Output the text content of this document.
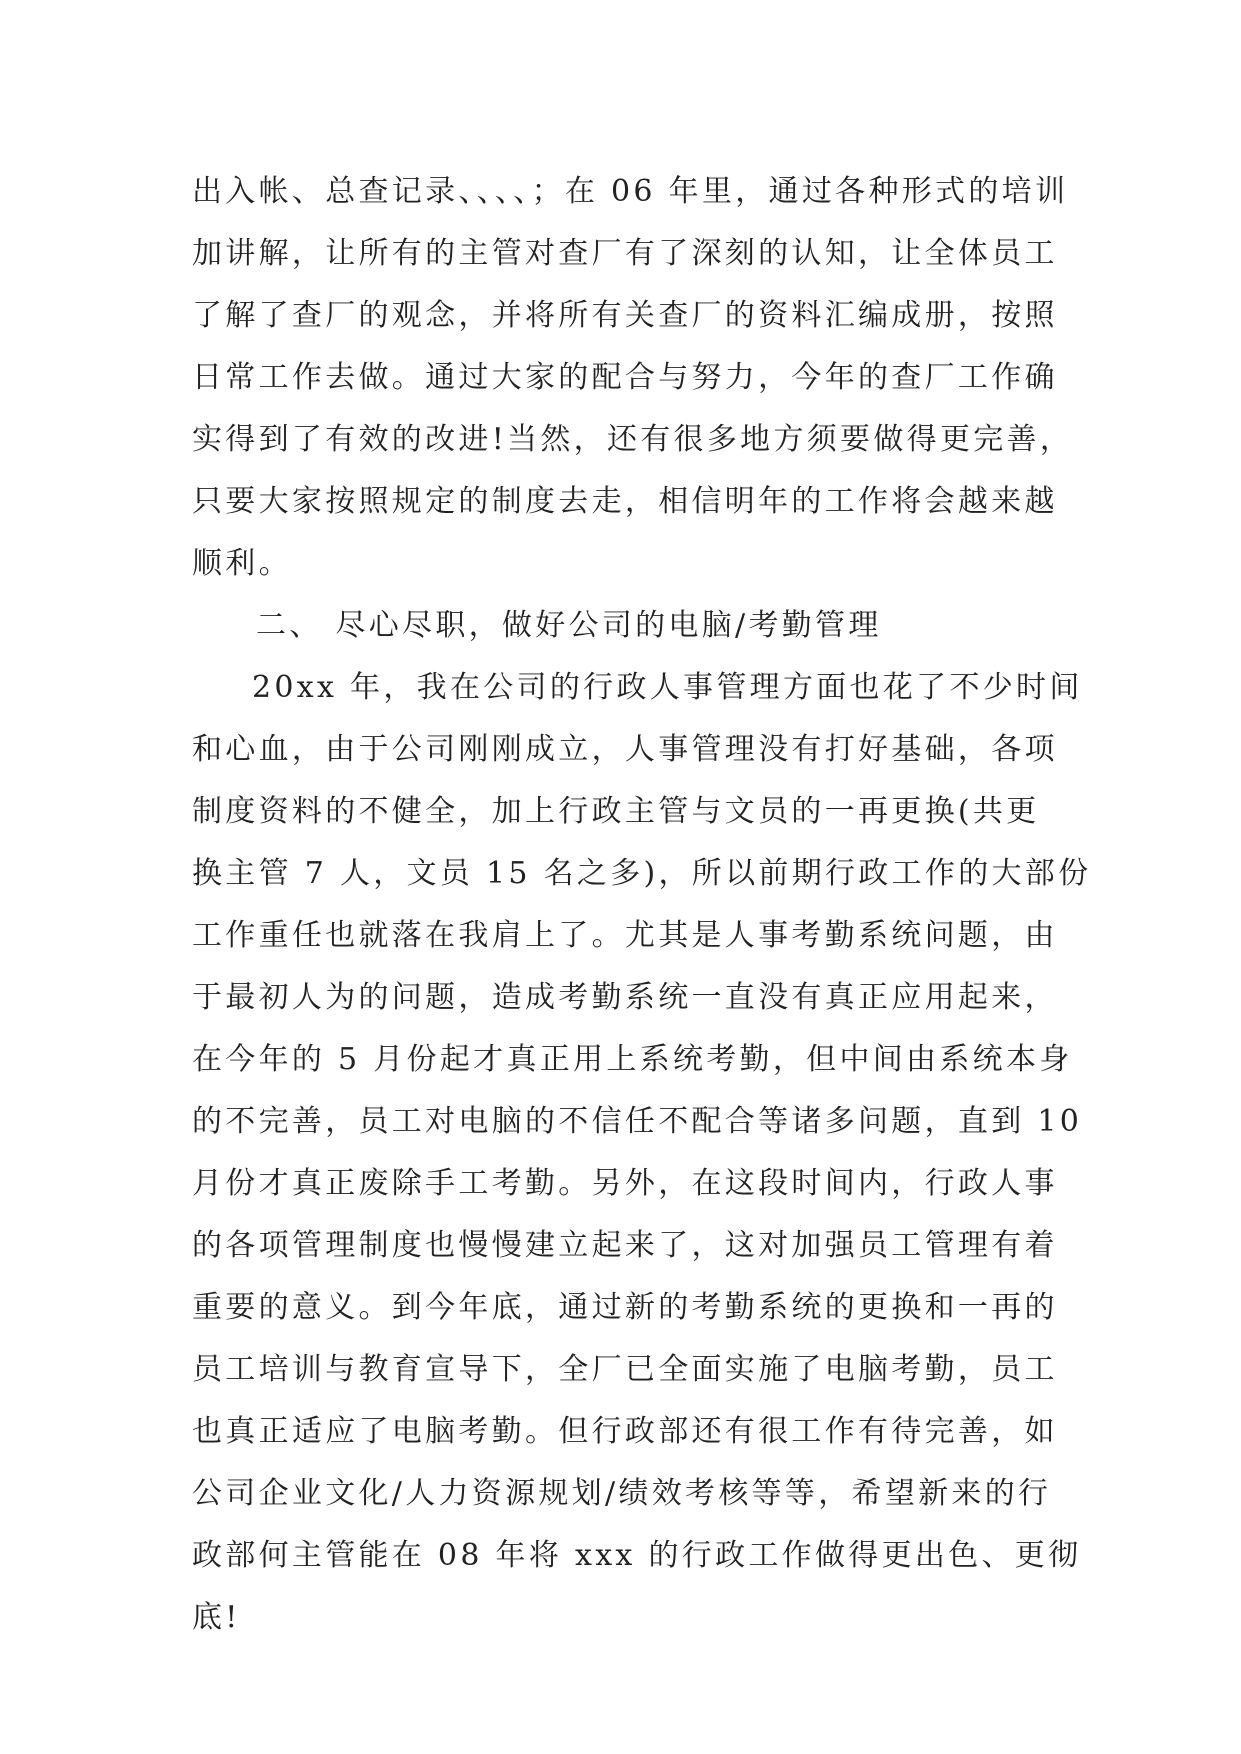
出入帐、总查记录、、、、；在 06 年里，通过各种形式的培训
加讲解，让所有的主管对查厂有了深刻的认知，让全体员工
了解了查厂的观念，并将所有关查厂的资料汇编成册，按照
日常工作去做。通过大家的配合与努力，今年的查厂工作确
实得到了有效的改进!当然，还有很多地方须要做得更完善，
只要大家按照规定的制度去走，相信明年的工作将会越来越
顺利。
二、 尽心尽职，做好公司的电脑/考勤管理
20xx 年，我在公司的行政人事管理方面也花了不少时间
和心血，由于公司刚刚成立，人事管理没有打好基础，各项
制度资料的不健全，加上行政主管与文员的一再更换(共更
换主管 7 人，文员 15 名之多)，所以前期行政工作的大部份
工作重任也就落在我肩上了。尤其是人事考勤系统问题，由
于最初人为的问题，造成考勤系统一直没有真正应用起来，
在今年的 5 月份起才真正用上系统考勤，但中间由系统本身
的不完善，员工对电脑的不信任不配合等诸多问题，直到 10
月份才真正废除手工考勤。另外，在这段时间内，行政人事
的各项管理制度也慢慢建立起来了，这对加强员工管理有着
重要的意义。到今年底，通过新的考勤系统的更换和一再的
员工培训与教育宣导下，全厂已全面实施了电脑考勤，员工
也真正适应了电脑考勤。但行政部还有很工作有待完善，如
公司企业文化/人力资源规划/绩效考核等等，希望新来的行
政部何主管能在 08 年将 xxx 的行政工作做得更出色、更彻
底!
